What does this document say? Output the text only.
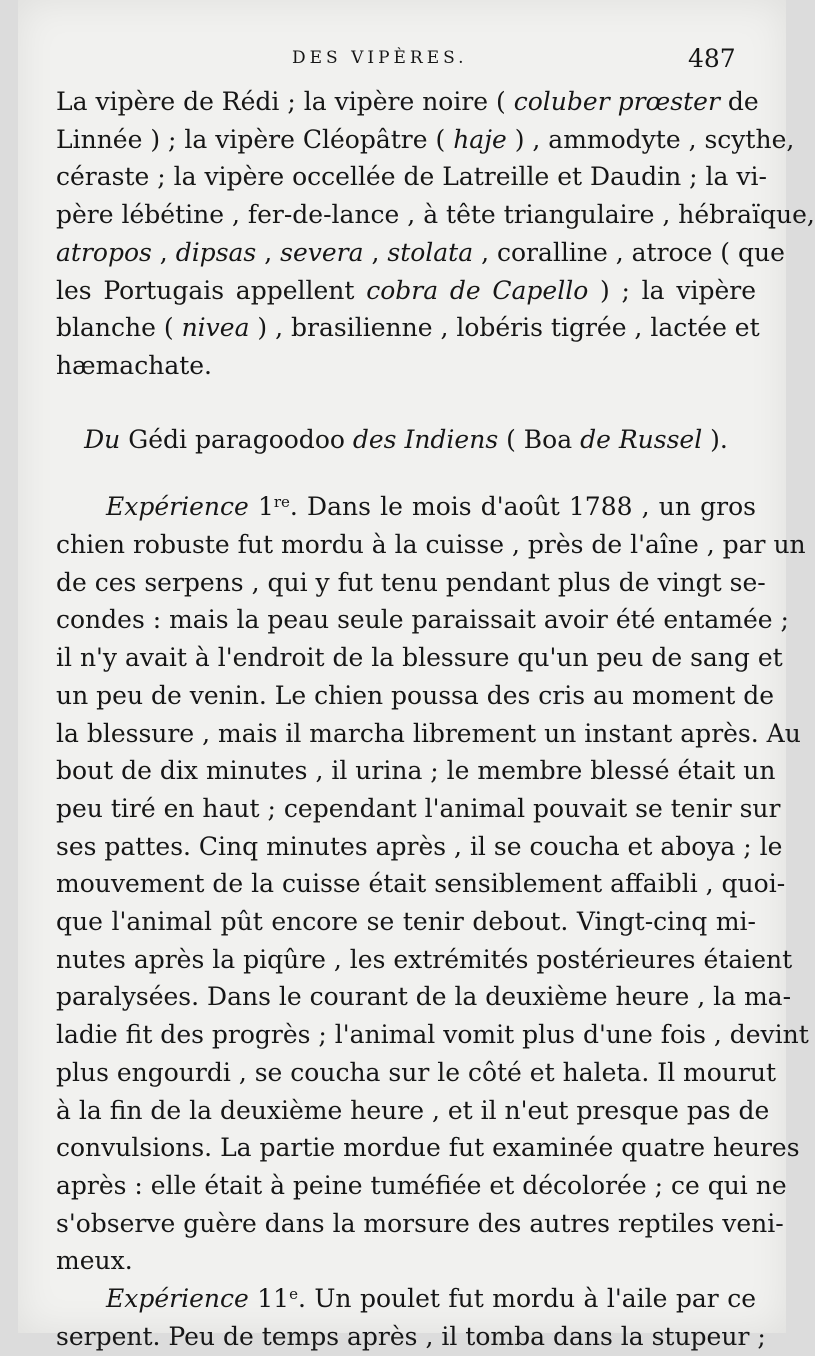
DES VIPÈRES.	487
La vipère de Rédi ; la vipère noire ( coluber prœster de
Linnée ) ; la vipère Cléopâtre ( haje ) , ammodyte , scythe,
céraste ; la vipère occellée de Latreille et Daudin ; la vi-
père lébétine , fer-de-lance , à tête triangulaire , hébraïque,
atropos , dipsas , severa , stolata , coralline , atroce ( que
les Portugais appellent cobra de Capello ) ; la vipère
blanche ( nivea ) , brasilienne , lobéris tigrée , lactée et
hæmachate.
Du Gédi paragoodoo des Indiens ( Boa de Russel ).
Expérience 1re. Dans le mois d'août 1788 , un gros
chien robuste fut mordu à la cuisse , près de l'aîne , par un
de ces serpens , qui y fut tenu pendant plus de vingt se-
condes : mais la peau seule paraissait avoir été entamée ;
il n'y avait à l'endroit de la blessure qu'un peu de sang et
un peu de venin. Le chien poussa des cris au moment de
la blessure , mais il marcha librement un instant après. Au
bout de dix minutes , il urina ; le membre blessé était un
peu tiré en haut ; cependant l'animal pouvait se tenir sur
ses pattes. Cinq minutes après , il se coucha et aboya ; le
mouvement de la cuisse était sensiblement affaibli , quoi-
que l'animal pût encore se tenir debout. Vingt-cinq mi-
nutes après la piqûre , les extrémités postérieures étaient
paralysées. Dans le courant de la deuxième heure , la ma-
ladie fit des progrès ; l'animal vomit plus d'une fois , devint
plus engourdi , se coucha sur le côté et haleta. Il mourut
à la fin de la deuxième heure , et il n'eut presque pas de
convulsions. La partie mordue fut examinée quatre heures
après : elle était à peine tuméfiée et décolorée ; ce qui ne
s'observe guère dans la morsure des autres reptiles veni-
meux.
Expérience 11e. Un poulet fut mordu à l'aile par ce
serpent. Peu de temps après , il tomba dans la stupeur ;
